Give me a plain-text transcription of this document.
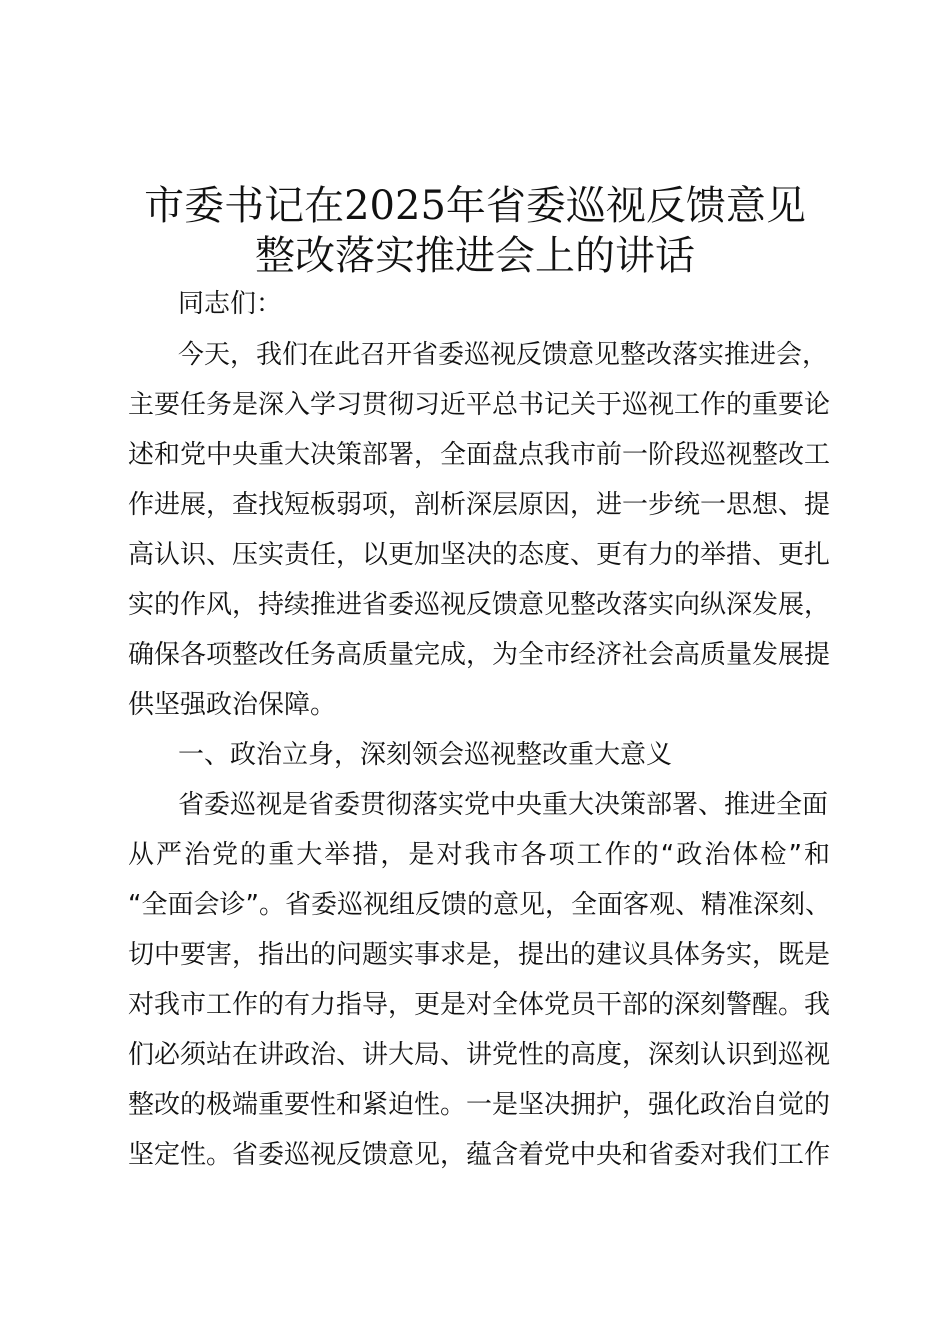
市委书记在2025年省委巡视反馈意见
整改落实推进会上的讲话
同志们：
今天，我们在此召开省委巡视反馈意见整改落实推进会，
主要任务是深入学习贯彻习近平总书记关于巡视工作的重要论
述和党中央重大决策部署，全面盘点我市前一阶段巡视整改工
作进展，查找短板弱项，剖析深层原因，进一步统一思想、提
高认识、压实责任，以更加坚决的态度、更有力的举措、更扎
实的作风，持续推进省委巡视反馈意见整改落实向纵深发展，
确保各项整改任务高质量完成，为全市经济社会高质量发展提
供坚强政治保障。
一、政治立身，深刻领会巡视整改重大意义
省委巡视是省委贯彻落实党中央重大决策部署、推进全面
从严治党的重大举措，是对我市各项工作的“政治体检”和
“全面会诊”。省委巡视组反馈的意见，全面客观、精准深刻、
切中要害，指出的问题实事求是，提出的建议具体务实，既是
对我市工作的有力指导，更是对全体党员干部的深刻警醒。我
们必须站在讲政治、讲大局、讲党性的高度，深刻认识到巡视
整改的极端重要性和紧迫性。一是坚决拥护，强化政治自觉的
坚定性。省委巡视反馈意见，蕴含着党中央和省委对我们工作
